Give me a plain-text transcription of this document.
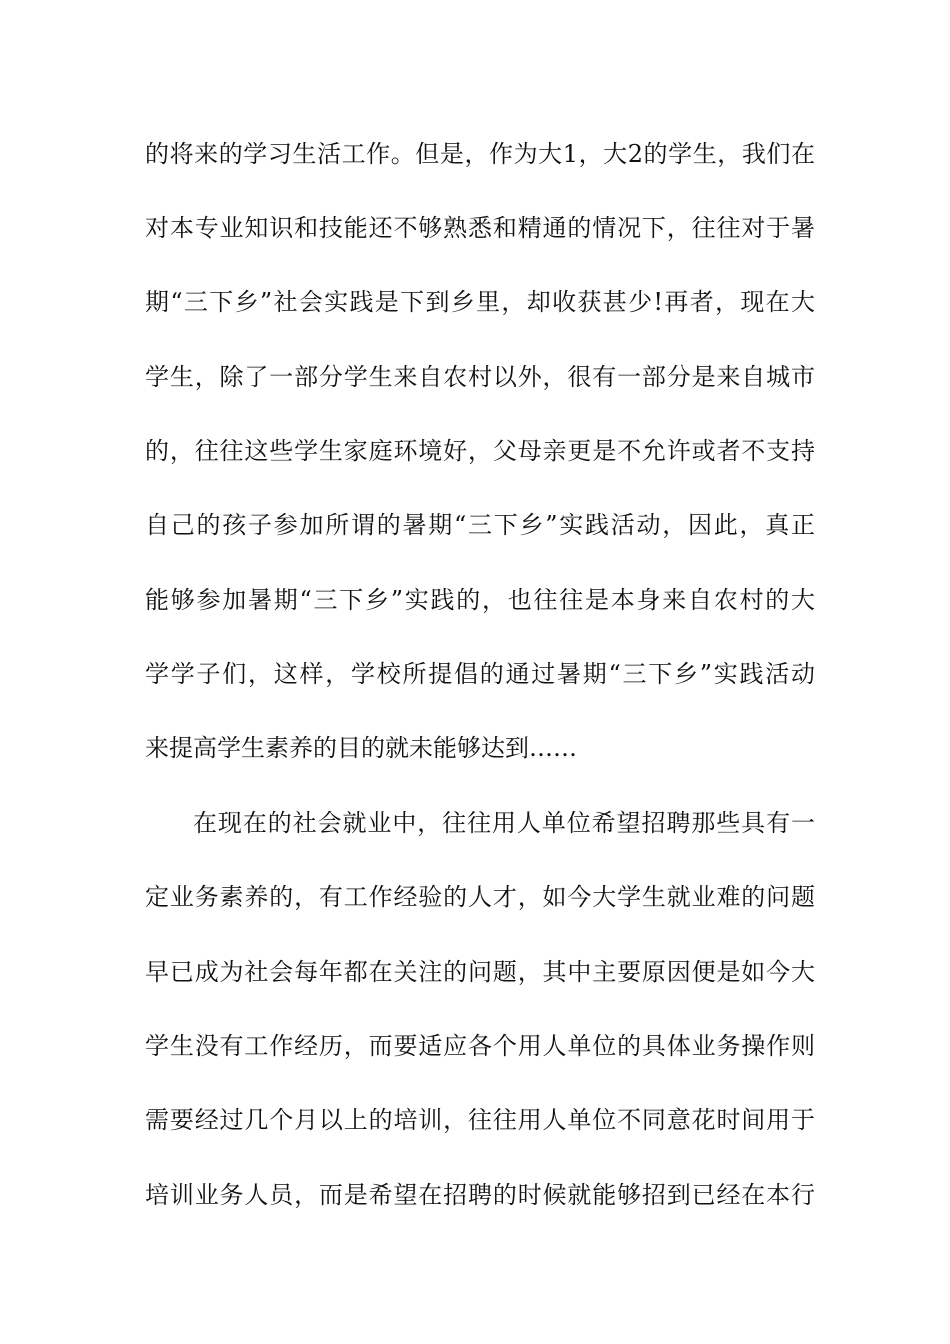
的将来的学习生活工作。但是，作为大1，大2的学生，我们在
对本专业知识和技能还不够熟悉和精通的情况下，往往对于暑
期“三下乡”社会实践是下到乡里，却收获甚少!再者，现在大
学生，除了一部分学生来自农村以外，很有一部分是来自城市
的，往往这些学生家庭环境好，父母亲更是不允许或者不支持
自己的孩子参加所谓的暑期“三下乡”实践活动，因此，真正
能够参加暑期“三下乡”实践的，也往往是本身来自农村的大
学学子们，这样，学校所提倡的通过暑期“三下乡”实践活动
来提高学生素养的目的就未能够达到……
在现在的社会就业中，往往用人单位希望招聘那些具有一
定业务素养的，有工作经验的人才，如今大学生就业难的问题
早已成为社会每年都在关注的问题，其中主要原因便是如今大
学生没有工作经历，而要适应各个用人单位的具体业务操作则
需要经过几个月以上的培训，往往用人单位不同意花时间用于
培训业务人员，而是希望在招聘的时候就能够招到已经在本行
